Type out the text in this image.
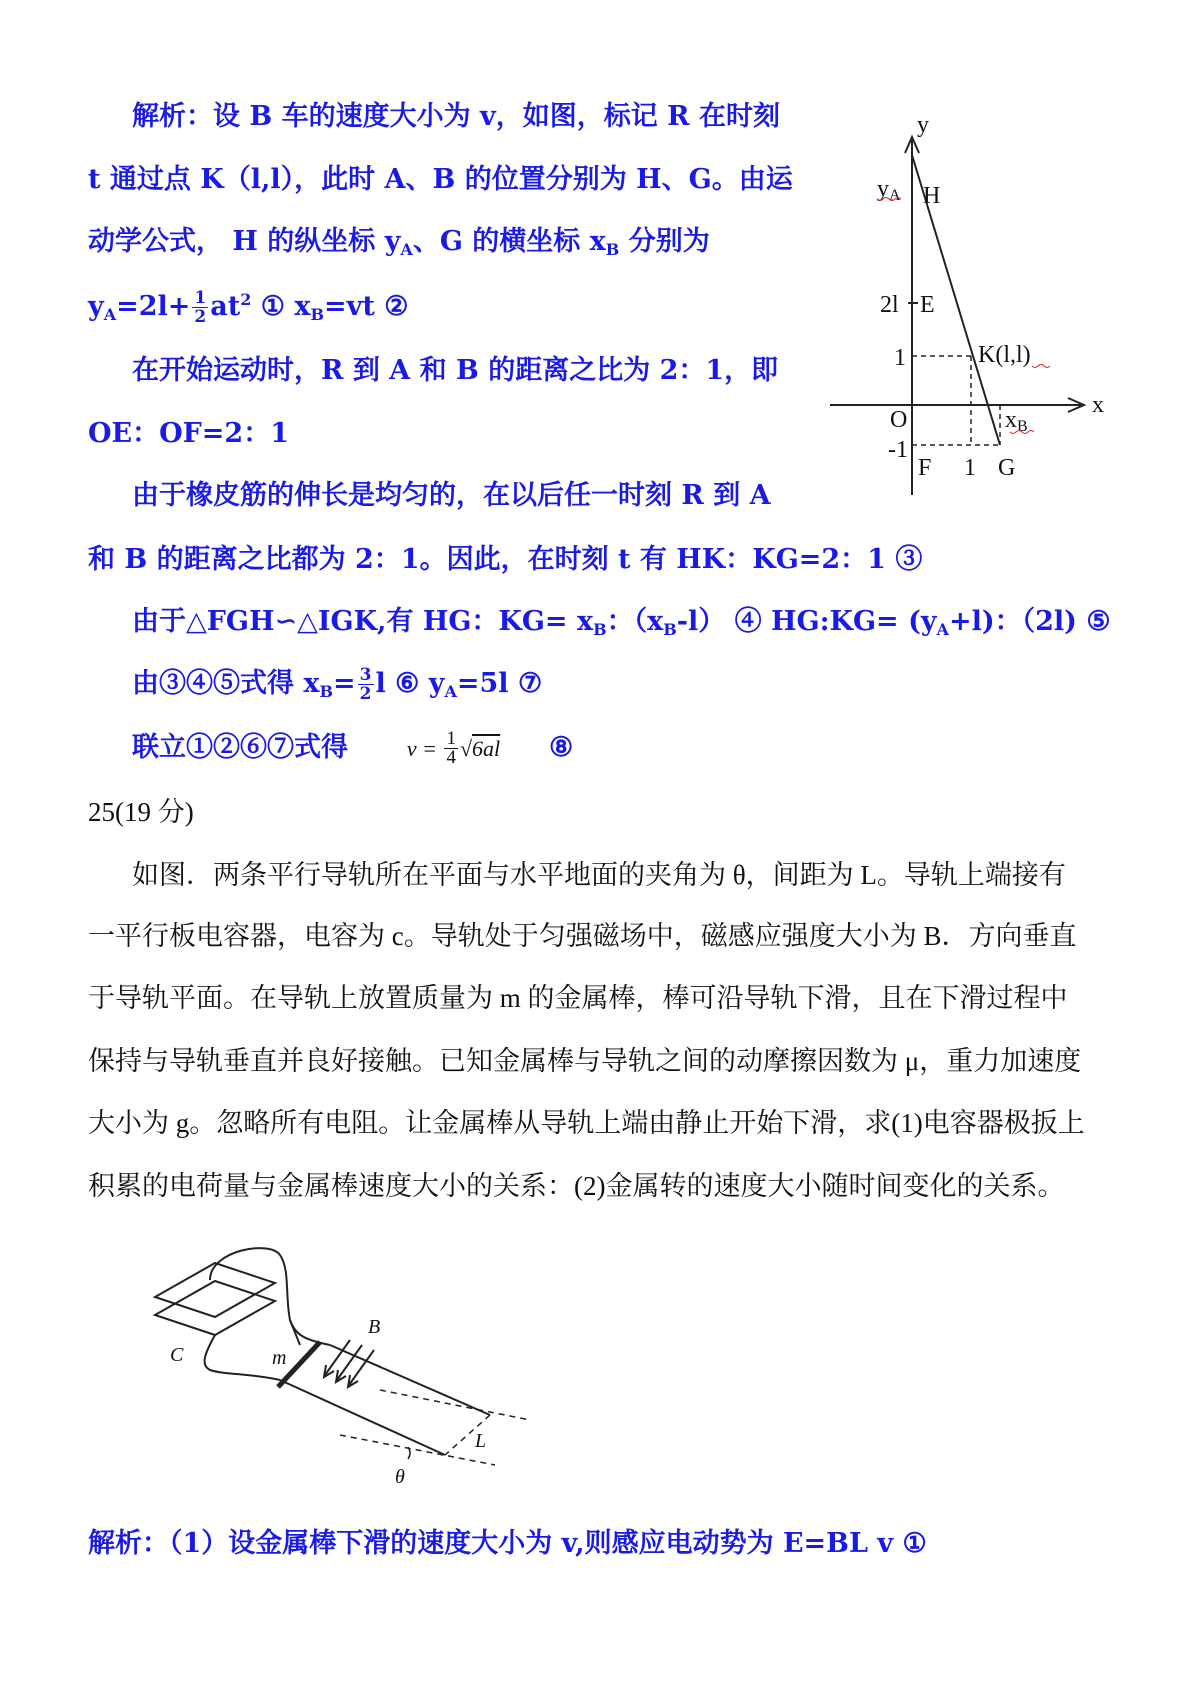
解析：设 B 车的速度大小为 v，如图，标记 R 在时刻
t 通过点 K（l,l），此时 A、B 的位置分别为 H、G。由运
动学公式， H 的纵坐标 $y_A$、G 的横坐标 $x_B$ 分别为
$y_A=2l+ \frac{1}{2} at^2$ ① $x_B=vt$ ②
在开始运动时，R 到 A 和 B 的距离之比为 2：1，即
OE：OF=2：1
由于橡皮筋的伸长是均匀的，在以后任一时刻 R 到 A
和 B 的距离之比都为 2：1。因此，在时刻 t 有 HK：KG=2：1 ③
由于△FGH∽△IGK,有 HG：$KG= x_B$：$(x_B-l)$ ④ HG:KG= $(y_A+l)$：（2l) ⑤
由③④⑤式得 $x_B= \frac{3}{2}$ l ⑥ $y_A=5l$ ⑦
联立①②⑥⑦式得	$v = \frac{1}{4} √6al$ ⑧
25(19 分)
如图．两条平行导轨所在平面与水平地面的夹角为 θ，间距为 L。导轨上端接有
一平行板电容器，电容为 c。导轨处于匀强磁场中，磁感应强度大小为 B．方向垂直
于导轨平面。在导轨上放置质量为 m 的金属棒，棒可沿导轨下滑，且在下滑过程中
保持与导轨垂直并良好接触。已知金属棒与导轨之间的动摩擦因数为 μ，重力加速度
大小为 g。忽略所有电阻。让金属棒从导轨上端由静止开始下滑，求(1)电容器极扳上
积累的电荷量与金属棒速度大小的关系：(2)金属转的速度大小随时间变化的关系。
解析：（1）设金属棒下滑的速度大小为 v,则感应电动势为 E=BL v ①
y
x
yA H
2l E
1	K(l,l)
O	xB
-1
F 1 G
C	m
B
L
θ
